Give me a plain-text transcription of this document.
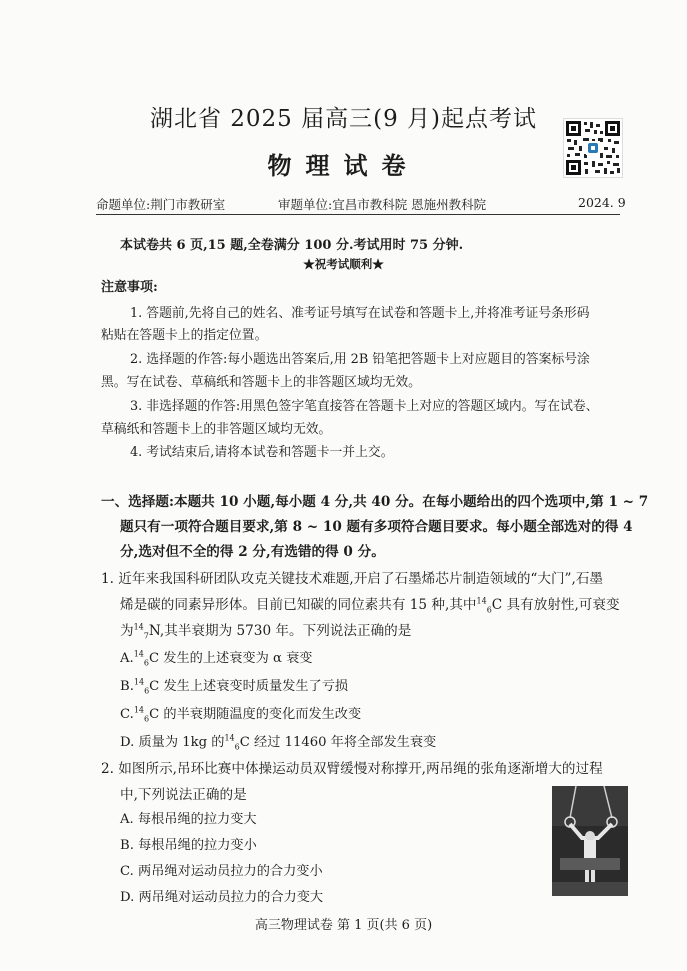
湖北省 2025 届高三(9 月)起点考试
物理试卷
命题单位:荆门市教研室	审题单位:宜昌市教科院 恩施州教科院	2024. 9
本试卷共 6 页,15 题,全卷满分 100 分.考试用时 75 分钟.
★祝考试顺利★
注意事项:
1. 答题前,先将自己的姓名、准考证号填写在试卷和答题卡上,并将准考证号条形码
粘贴在答题卡上的指定位置。
2. 选择题的作答:每小题选出答案后,用 2B 铅笔把答题卡上对应题目的答案标号涂
黑。写在试卷、草稿纸和答题卡上的非答题区域均无效。
3. 非选择题的作答:用黑色签字笔直接答在答题卡上对应的答题区域内。写在试卷、
草稿纸和答题卡上的非答题区域均无效。
4. 考试结束后,请将本试卷和答题卡一并上交。
一、选择题:本题共 10 小题,每小题 4 分,共 40 分。在每小题给出的四个选项中,第 1 ~ 7
题只有一项符合题目要求,第 8 ~ 10 题有多项符合题目要求。每小题全部选对的得 4
分,选对但不全的得 2 分,有选错的得 0 分。
1. 近年来我国科研团队攻克关键技术难题,开启了石墨烯芯片制造领域的“大门”,石墨
烯是碳的同素异形体。目前已知碳的同位素共有 15 种,其中$^{14}_6$C 具有放射性,可衰变
为$^{14}_7$N,其半衰期为 5730 年。下列说法正确的是
A.$^{14}_6$C 发生的上述衰变为 α 衰变
B.$^{14}_6$C 发生上述衰变时质量发生了亏损
C.$^{14}_6$C 的半衰期随温度的变化而发生改变
D. 质量为 1kg 的$^{14}_6$C 经过 11460 年将全部发生衰变
2. 如图所示,吊环比赛中体操运动员双臂缓慢对称撑开,两吊绳的张角逐渐增大的过程
中,下列说法正确的是
A. 每根吊绳的拉力变大
B. 每根吊绳的拉力变小
C. 两吊绳对运动员拉力的合力变小
D. 两吊绳对运动员拉力的合力变大
高三物理试卷 第 1 页(共 6 页)
